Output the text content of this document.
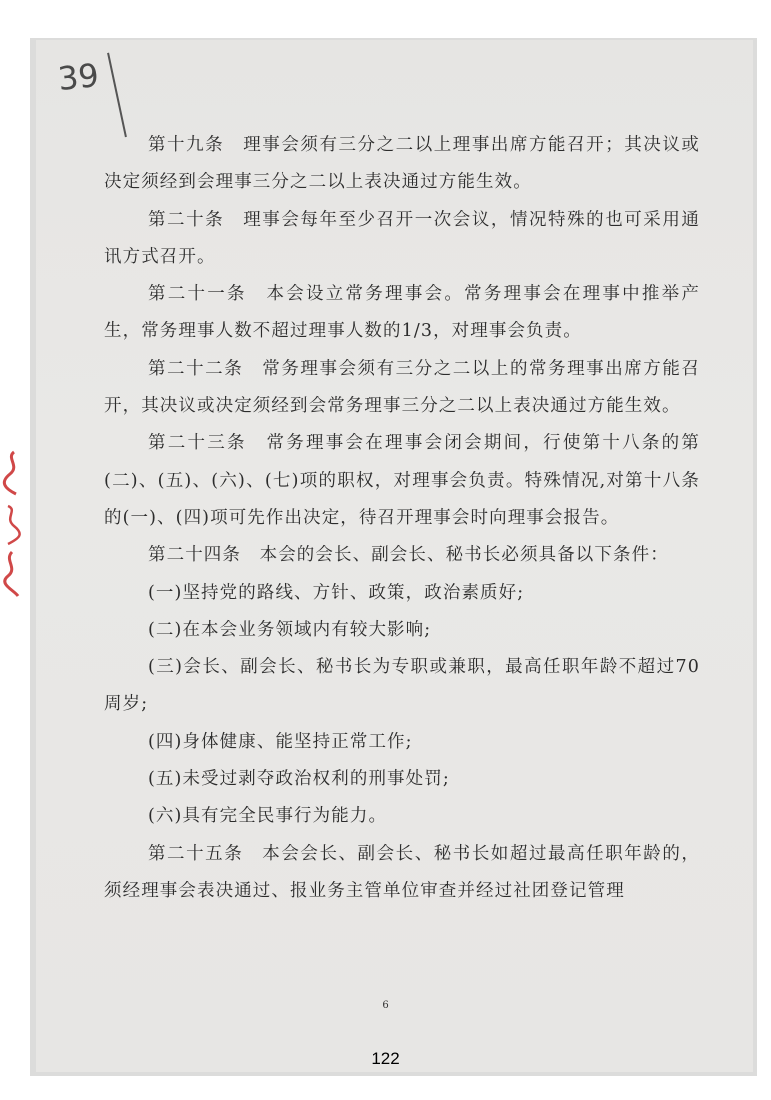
39

第十九条　理事会须有三分之二以上理事出席方能召开；其决议或决定须经到会理事三分之二以上表决通过方能生效。

第二十条　理事会每年至少召开一次会议，情况特殊的也可采用通讯方式召开。

第二十一条　本会设立常务理事会。常务理事会在理事中推举产生，常务理事人数不超过理事人数的1/3，对理事会负责。

第二十二条　常务理事会须有三分之二以上的常务理事出席方能召开，其决议或决定须经到会常务理事三分之二以上表决通过方能生效。

第二十三条　常务理事会在理事会闭会期间，行使第十八条的第(二)、(五)、(六)、(七)项的职权，对理事会负责。特殊情况,对第十八条的(一)、(四)项可先作出决定，待召开理事会时向理事会报告。

第二十四条　本会的会长、副会长、秘书长必须具备以下条件：

(一)坚持党的路线、方针、政策，政治素质好;

(二)在本会业务领域内有较大影响;

(三)会长、副会长、秘书长为专职或兼职，最高任职年龄不超过70周岁;

(四)身体健康、能坚持正常工作;

(五)未受过剥夺政治权利的刑事处罚;

(六)具有完全民事行为能力。

第二十五条　本会会长、副会长、秘书长如超过最高任职年龄的，须经理事会表决通过、报业务主管单位审查并经过社团登记管理

6
122
